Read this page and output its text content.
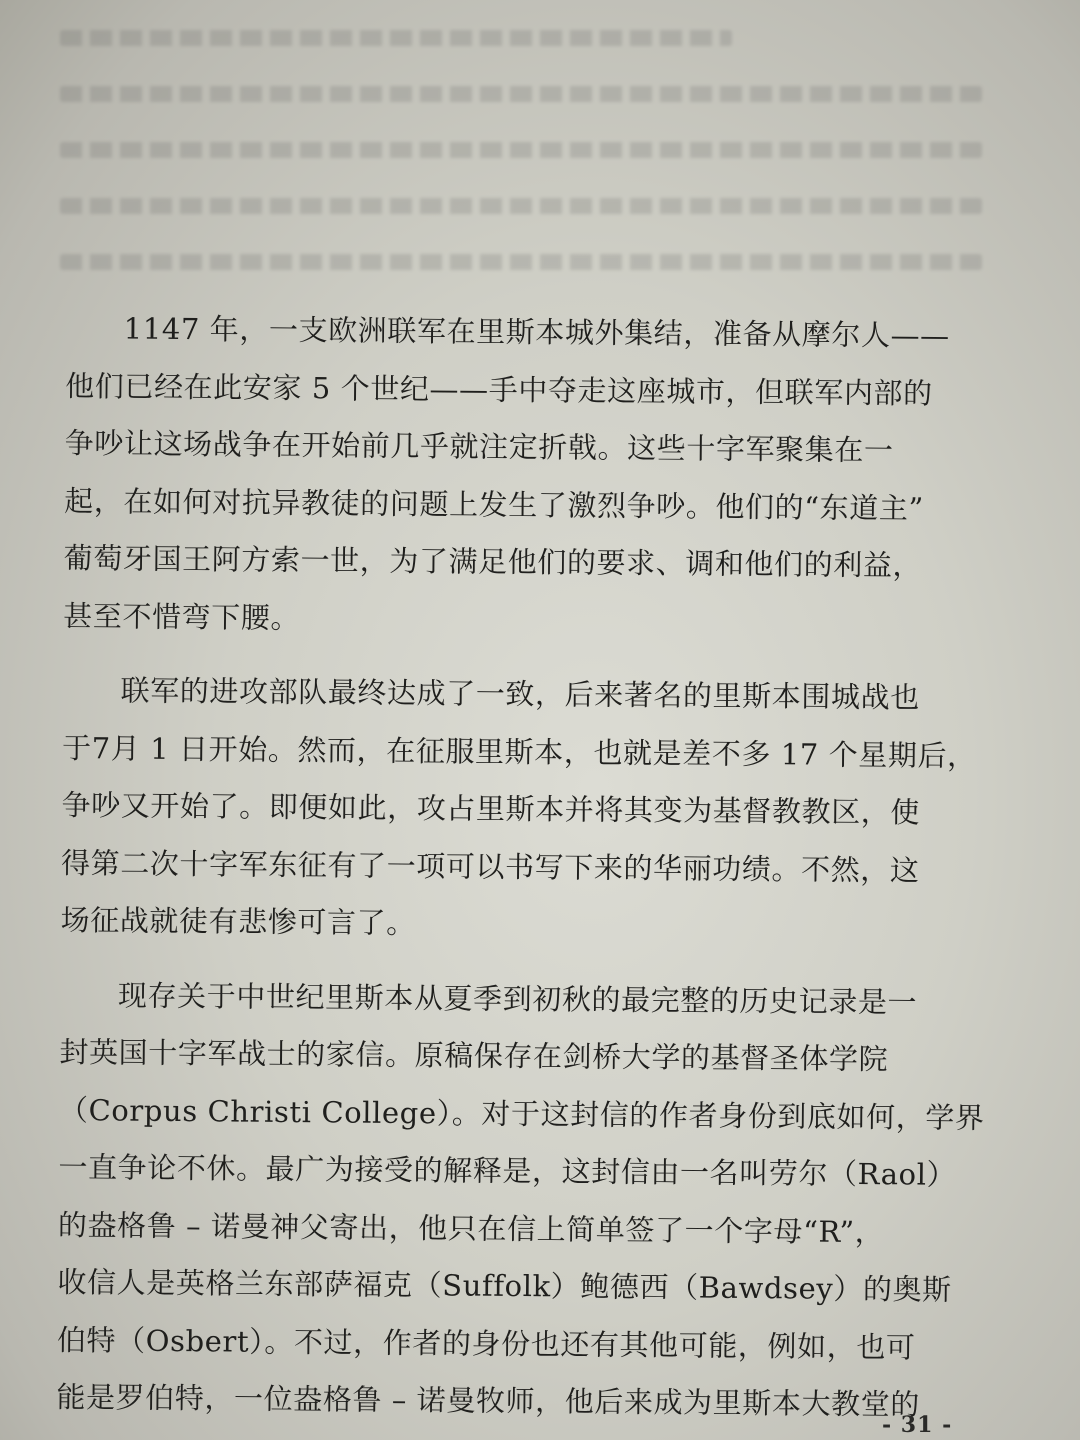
1147 年，一支欧洲联军在里斯本城外集结，准备从摩尔人——
他们已经在此安家 5 个世纪——手中夺走这座城市，但联军内部的
争吵让这场战争在开始前几乎就注定折戟。这些十字军聚集在一
起，在如何对抗异教徒的问题上发生了激烈争吵。他们的“东道主”
葡萄牙国王阿方索一世，为了满足他们的要求、调和他们的利益，
甚至不惜弯下腰。
联军的进攻部队最终达成了一致，后来著名的里斯本围城战也
于7月 1 日开始。然而，在征服里斯本，也就是差不多 17 个星期后，
争吵又开始了。即便如此，攻占里斯本并将其变为基督教教区，使
得第二次十字军东征有了一项可以书写下来的华丽功绩。不然，这
场征战就徒有悲惨可言了。
现存关于中世纪里斯本从夏季到初秋的最完整的历史记录是一
封英国十字军战士的家信。原稿保存在剑桥大学的基督圣体学院
（Corpus Christi College）。对于这封信的作者身份到底如何，学界
一直争论不休。最广为接受的解释是，这封信由一名叫劳尔（Raol）
的盎格鲁 – 诺曼神父寄出，他只在信上简单签了一个字母“R”，
收信人是英格兰东部萨福克（Suffolk）鲍德西（Bawdsey）的奥斯
伯特（Osbert）。不过，作者的身份也还有其他可能，例如，也可
能是罗伯特，一位盎格鲁 – 诺曼牧师，他后来成为里斯本大教堂的
- 31 -
